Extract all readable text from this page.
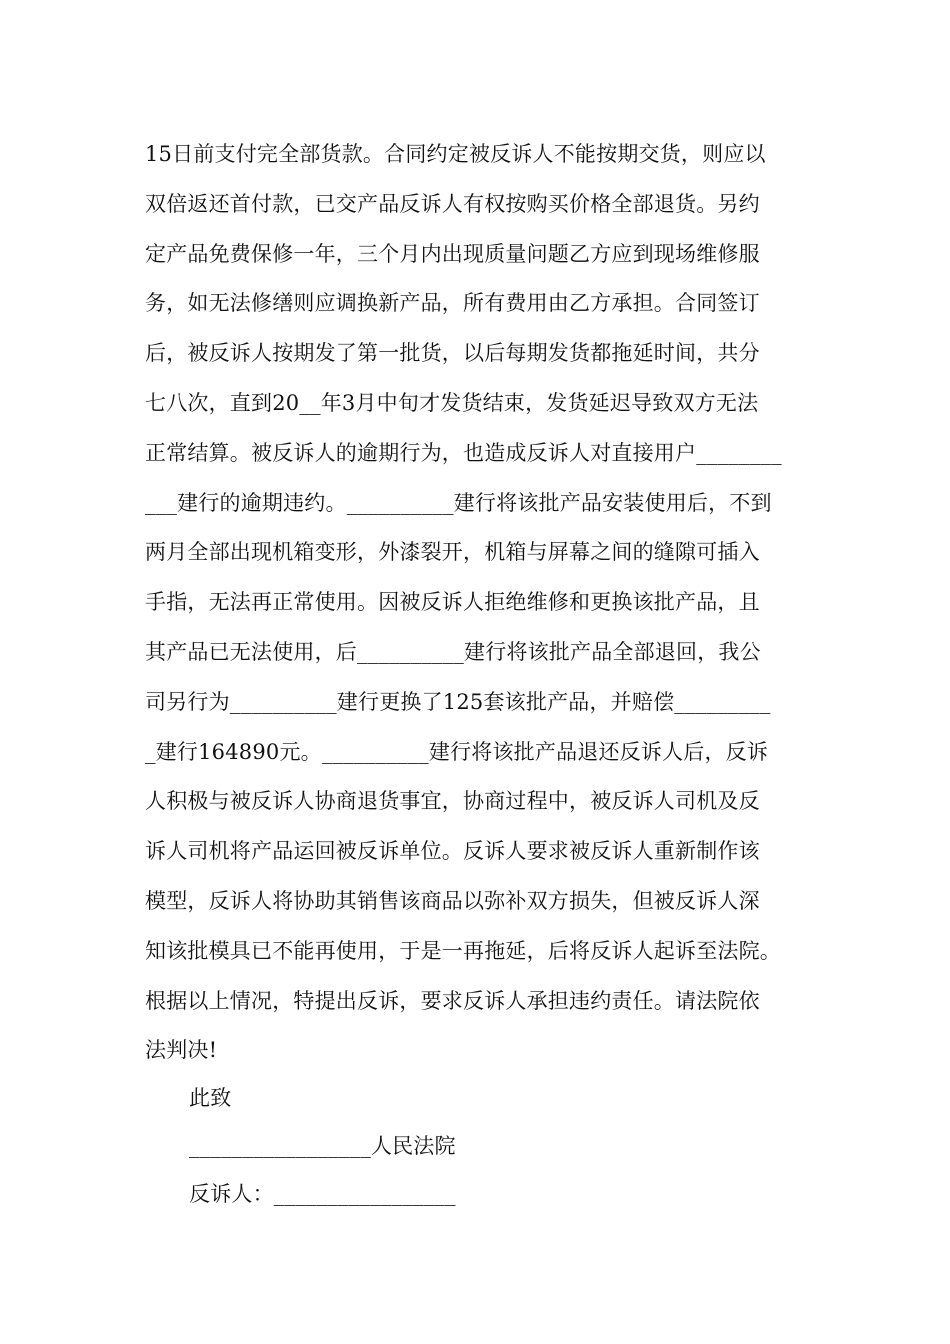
15日前支付完全部货款。合同约定被反诉人不能按期交货，则应以
双倍返还首付款，已交产品反诉人有权按购买价格全部退货。另约
定产品免费保修一年，三个月内出现质量问题乙方应到现场维修服
务，如无法修缮则应调换新产品，所有费用由乙方承担。合同签订
后，被反诉人按期发了第一批货，以后每期发货都拖延时间，共分
七八次，直到20__年3月中旬才发货结束，发货延迟导致双方无法
正常结算。被反诉人的逾期行为，也造成反诉人对直接用户________
___建行的逾期违约。__________建行将该批产品安装使用后，不到
两月全部出现机箱变形，外漆裂开，机箱与屏幕之间的缝隙可插入
手指，无法再正常使用。因被反诉人拒绝维修和更换该批产品，且
其产品已无法使用，后__________建行将该批产品全部退回，我公
司另行为__________建行更换了125套该批产品，并赔偿_________
_建行164890元。__________建行将该批产品退还反诉人后，反诉
人积极与被反诉人协商退货事宜，协商过程中，被反诉人司机及反
诉人司机将产品运回被反诉单位。反诉人要求被反诉人重新制作该
模型，反诉人将协助其销售该商品以弥补双方损失，但被反诉人深
知该批模具已不能再使用，于是一再拖延，后将反诉人起诉至法院。
根据以上情况，特提出反诉，要求反诉人承担违约责任。请法院依
法判决!
此致
_________________人民法院
反诉人：_________________
